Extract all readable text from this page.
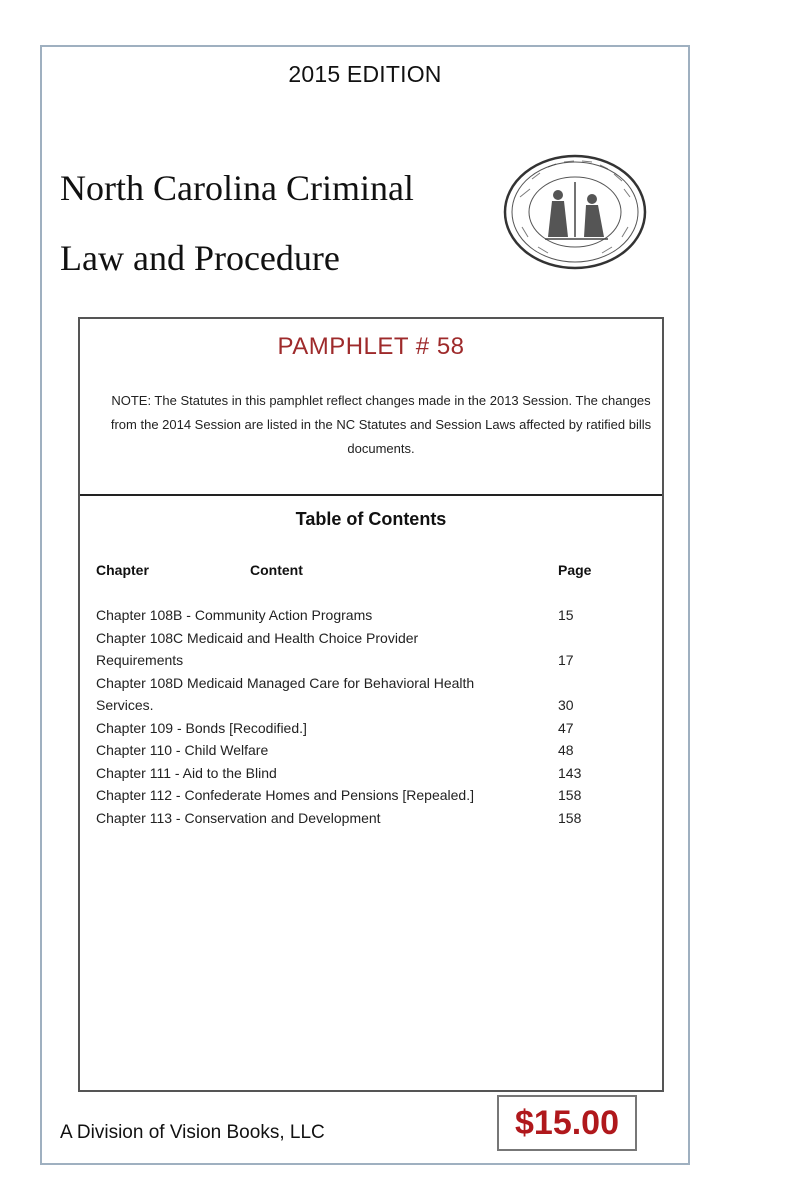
2015 EDITION
North Carolina Criminal
Law and Procedure
PAMPHLET # 58
NOTE: The Statutes in this pamphlet reflect changes made in the 2013 Session. The changes from the 2014 Session are listed in the NC Statutes and Session Laws affected by ratified bills documents.
Table of Contents
Chapter	Content	Page
Chapter 108B - Community Action Programs	15
Chapter 108C Medicaid and Health Choice Provider Requirements	17
Chapter 108D Medicaid Managed Care for Behavioral Health Services.	30
Chapter 109 - Bonds [Recodified.]	47
Chapter 110 - Child Welfare	48
Chapter 111 - Aid to the Blind	143
Chapter 112 - Confederate Homes and Pensions [Repealed.]	158
Chapter 113 - Conservation and Development	158
A Division of Vision Books, LLC	$15.00
